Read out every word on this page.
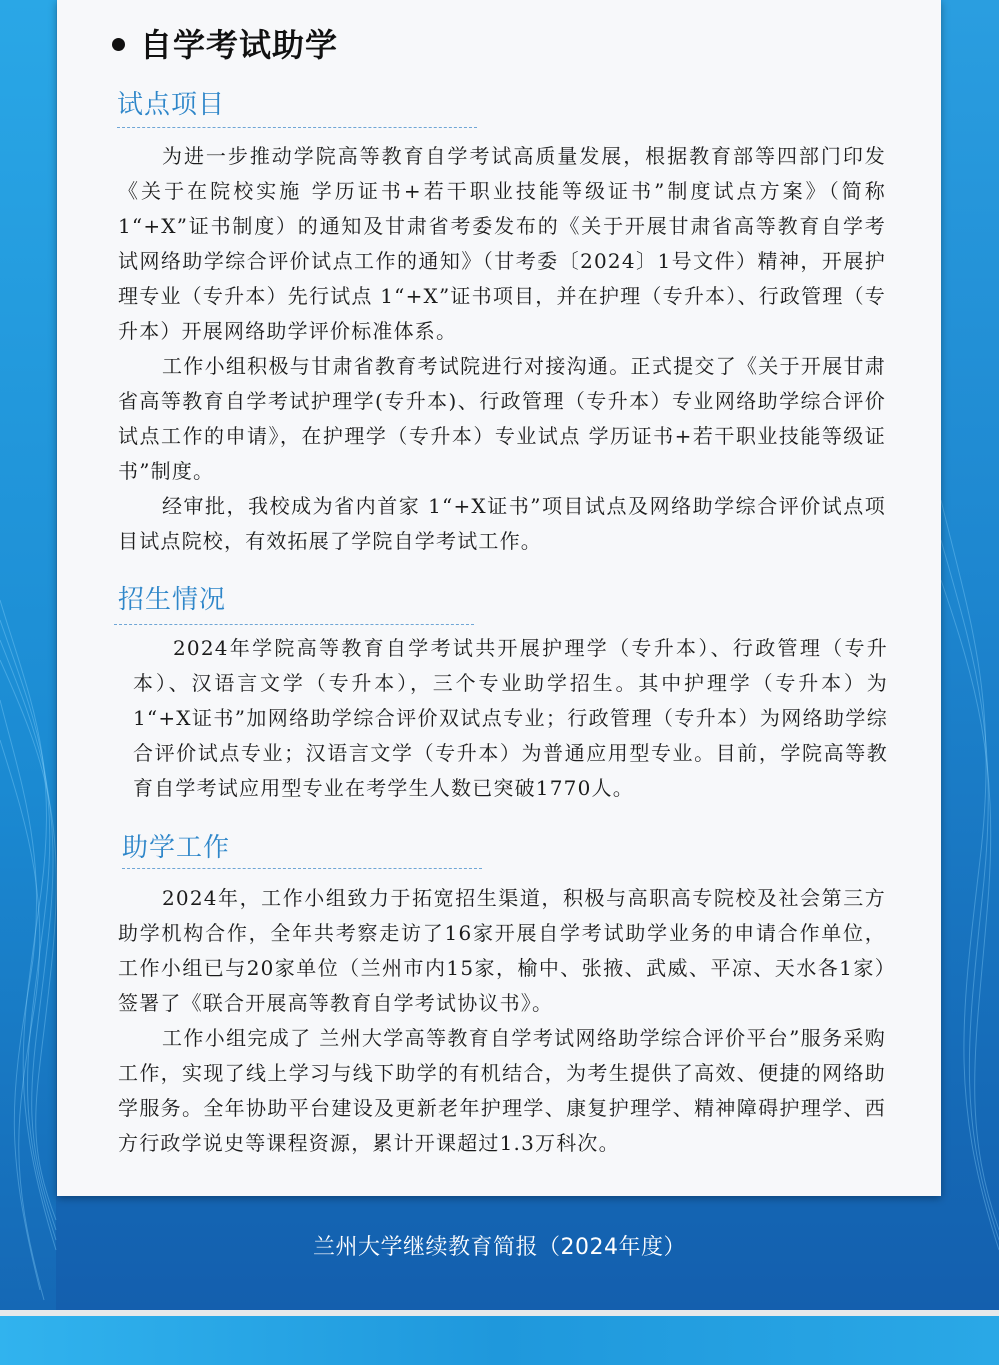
自学考试助学
试点项目

为进一步推动学院高等教育自学考试高质量发展，根据教育部等四部门印发《关于在院校实施 学历证书+若干职业技能等级证书”制度试点方案》（简称 1“+X”证书制度）的通知及甘肃省考委发布的《关于开展甘肃省高等教育自学考试网络助学综合评价试点工作的通知》（甘考委〔2024〕1号文件）精神，开展护理专业（专升本）先行试点 1“+X”证书项目，并在护理（专升本）、行政管理（专升本）开展网络助学评价标准体系。

工作小组积极与甘肃省教育考试院进行对接沟通。正式提交了《关于开展甘肃省高等教育自学考试护理学(专升本)、行政管理（专升本）专业网络助学综合评价试点工作的申请》，在护理学（专升本）专业试点 学历证书+若干职业技能等级证书”制度。

经审批，我校成为省内首家 1“+X证书”项目试点及网络助学综合评价试点项目试点院校，有效拓展了学院自学考试工作。

招生情况

2024年学院高等教育自学考试共开展护理学（专升本）、行政管理（专升本）、汉语言文学（专升本），三个专业助学招生。其中护理学（专升本）为 1“+X证书”加网络助学综合评价双试点专业；行政管理（专升本）为网络助学综合评价试点专业；汉语言文学（专升本）为普通应用型专业。目前，学院高等教育自学考试应用型专业在考学生人数已突破1770人。

助学工作

2024年，工作小组致力于拓宽招生渠道，积极与高职高专院校及社会第三方助学机构合作，全年共考察走访了16家开展自学考试助学业务的申请合作单位，工作小组已与20家单位（兰州市内15家，榆中、张掖、武威、平凉、天水各1家）签署了《联合开展高等教育自学考试协议书》。

工作小组完成了 兰州大学高等教育自学考试网络助学综合评价平台”服务采购工作，实现了线上学习与线下助学的有机结合，为考生提供了高效、便捷的网络助学服务。全年协助平台建设及更新老年护理学、康复护理学、精神障碍护理学、西方行政学说史等课程资源，累计开课超过1.3万科次。

兰州大学继续教育简报（2024年度）
